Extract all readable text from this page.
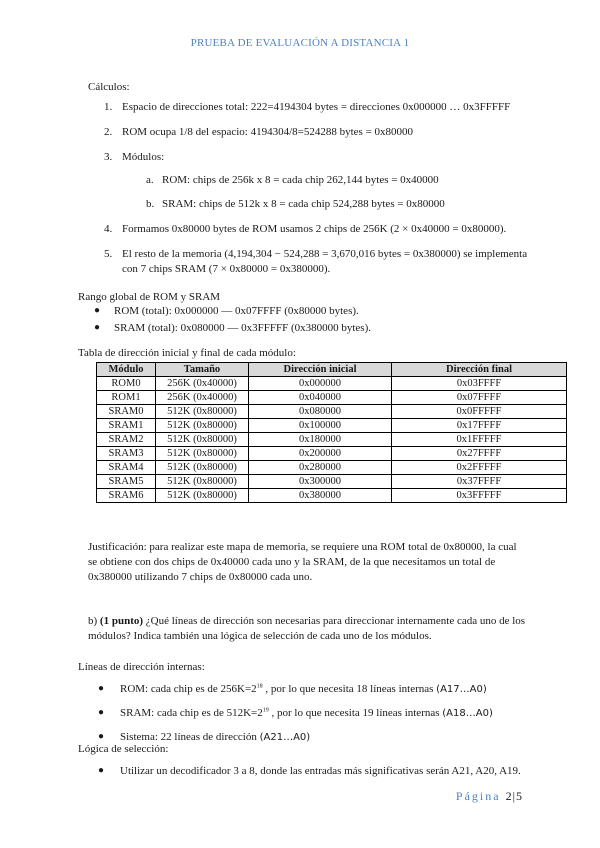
PRUEBA DE EVALUACIÓN A DISTANCIA 1
Cálculos:
1. Espacio de direcciones total: 222=4194304 bytes = direcciones 0x000000 … 0x3FFFFF
2. ROM ocupa 1/8 del espacio: 4194304/8=524288 bytes = 0x80000
3. Módulos:
a. ROM: chips de 256k x 8 = cada chip 262,144 bytes = 0x40000
b. SRAM: chips de 512k x 8 = cada chip 524,288 bytes = 0x80000
4. Formamos 0x80000 bytes de ROM usamos 2 chips de 256K (2 × 0x40000 = 0x80000).
5. El resto de la memoria (4,194,304 − 524,288 = 3,670,016 bytes = 0x380000) se implementa con 7 chips SRAM (7 × 0x80000 = 0x380000).
Rango global de ROM y SRAM
● ROM (total): 0x000000 — 0x07FFFF (0x80000 bytes).
● SRAM (total): 0x080000 — 0x3FFFFF (0x380000 bytes).
Tabla de dirección inicial y final de cada módulo:
Módulo	Tamaño	Dirección inicial	Dirección final
ROM0	256K (0x40000)	0x000000	0x03FFFF
ROM1	256K (0x40000)	0x040000	0x07FFFF
SRAM0	512K (0x80000)	0x080000	0x0FFFFF
SRAM1	512K (0x80000)	0x100000	0x17FFFF
SRAM2	512K (0x80000)	0x180000	0x1FFFFF
SRAM3	512K (0x80000)	0x200000	0x27FFFF
SRAM4	512K (0x80000)	0x280000	0x2FFFFF
SRAM5	512K (0x80000)	0x300000	0x37FFFF
SRAM6	512K (0x80000)	0x380000	0x3FFFFF
Justificación: para realizar este mapa de memoria, se requiere una ROM total de 0x80000, la cual se obtiene con dos chips de 0x40000 cada uno y la SRAM, de la que necesitamos un total de 0x380000 utilizando 7 chips de 0x80000 cada uno.
b) (1 punto) ¿Qué líneas de dirección son necesarias para direccionar internamente cada uno de los módulos? Indica también una lógica de selección de cada uno de los módulos.
Líneas de dirección internas:
● ROM: cada chip es de $256K=2^{18}$ , por lo que necesita 18 líneas internas (A17…A0)
● SRAM: cada chip es de $512K=2^{19}$ , por lo que necesita 19 líneas internas (A18…A0)
● Sistema: 22 líneas de dirección (A21…A0)
Lógica de selección:
● Utilizar un decodificador 3 a 8, donde las entradas más significativas serán A21, A20, A19.
Página 2|5
